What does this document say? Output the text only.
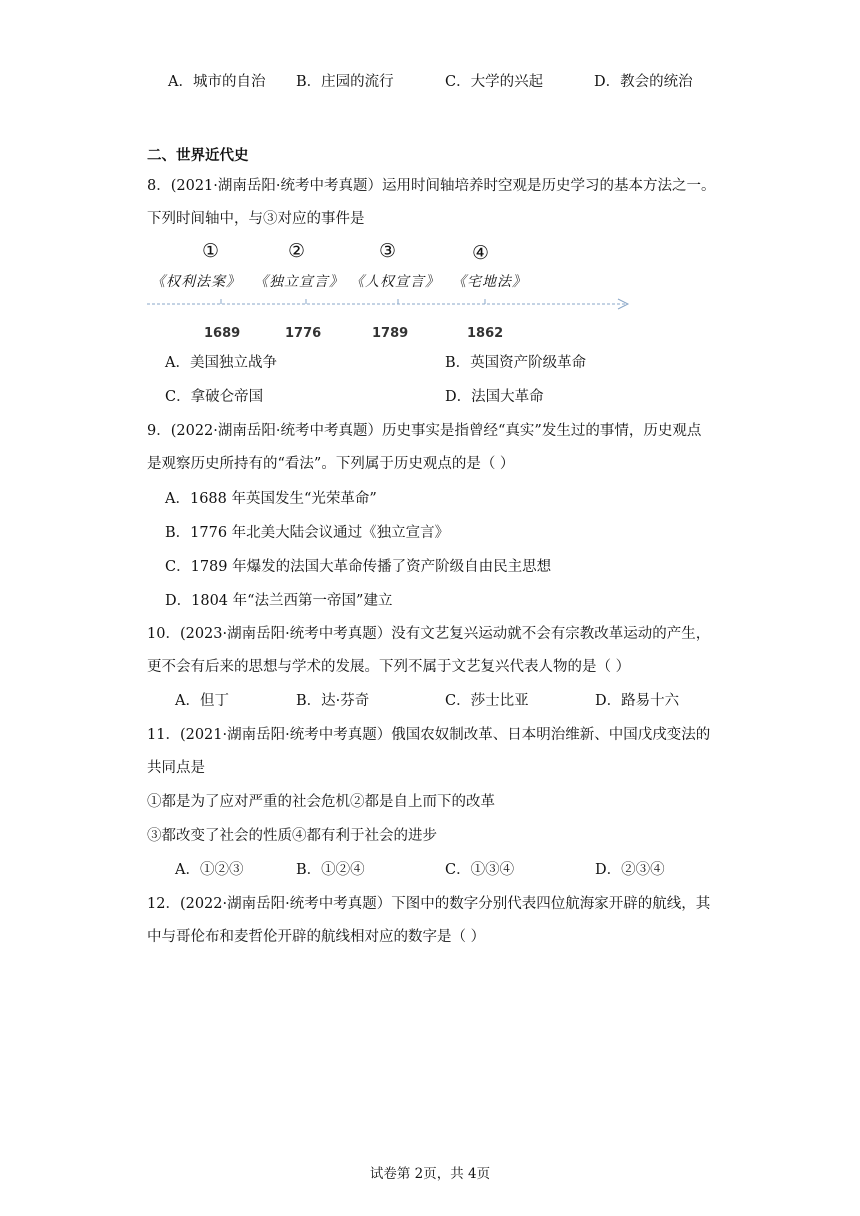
A．城市的自治 B．庄园的流行	C．大学的兴起	D．教会的统治
二、世界近代史
8．(2021·湖南岳阳·统考中考真题）运用时间轴培养时空观是历史学习的基本方法之一。
下列时间轴中，与③对应的事件是
①	②	③	④
《权利法案》 《独立宣言》 《人权宣言》 《宅地法》
1689	1776	1789	1862
A．美国独立战争	B．英国资产阶级革命
C．拿破仑帝国	D．法国大革命
9．(2022·湖南岳阳·统考中考真题）历史事实是指曾经“真实”发生过的事情，历史观点
是观察历史所持有的“看法”。下列属于历史观点的是（ ）
A．1688 年英国发生“光荣革命”
B．1776 年北美大陆会议通过《独立宣言》
C．1789 年爆发的法国大革命传播了资产阶级自由民主思想
D．1804 年“法兰西第一帝国”建立
10．(2023·湖南岳阳·统考中考真题）没有文艺复兴运动就不会有宗教改革运动的产生，
更不会有后来的思想与学术的发展。下列不属于文艺复兴代表人物的是（ ）
A．但丁	B．达·芬奇	C．莎士比亚	D．路易十六
11．(2021·湖南岳阳·统考中考真题）俄国农奴制改革、日本明治维新、中国戊戌变法的
共同点是
①都是为了应对严重的社会危机②都是自上而下的改革
③都改变了社会的性质④都有利于社会的进步
A．①②③	B．①②④	C．①③④	D．②③④
12．(2022·湖南岳阳·统考中考真题）下图中的数字分别代表四位航海家开辟的航线，其
中与哥伦布和麦哲伦开辟的航线相对应的数字是（ ）
试卷第 2页，共 4页
